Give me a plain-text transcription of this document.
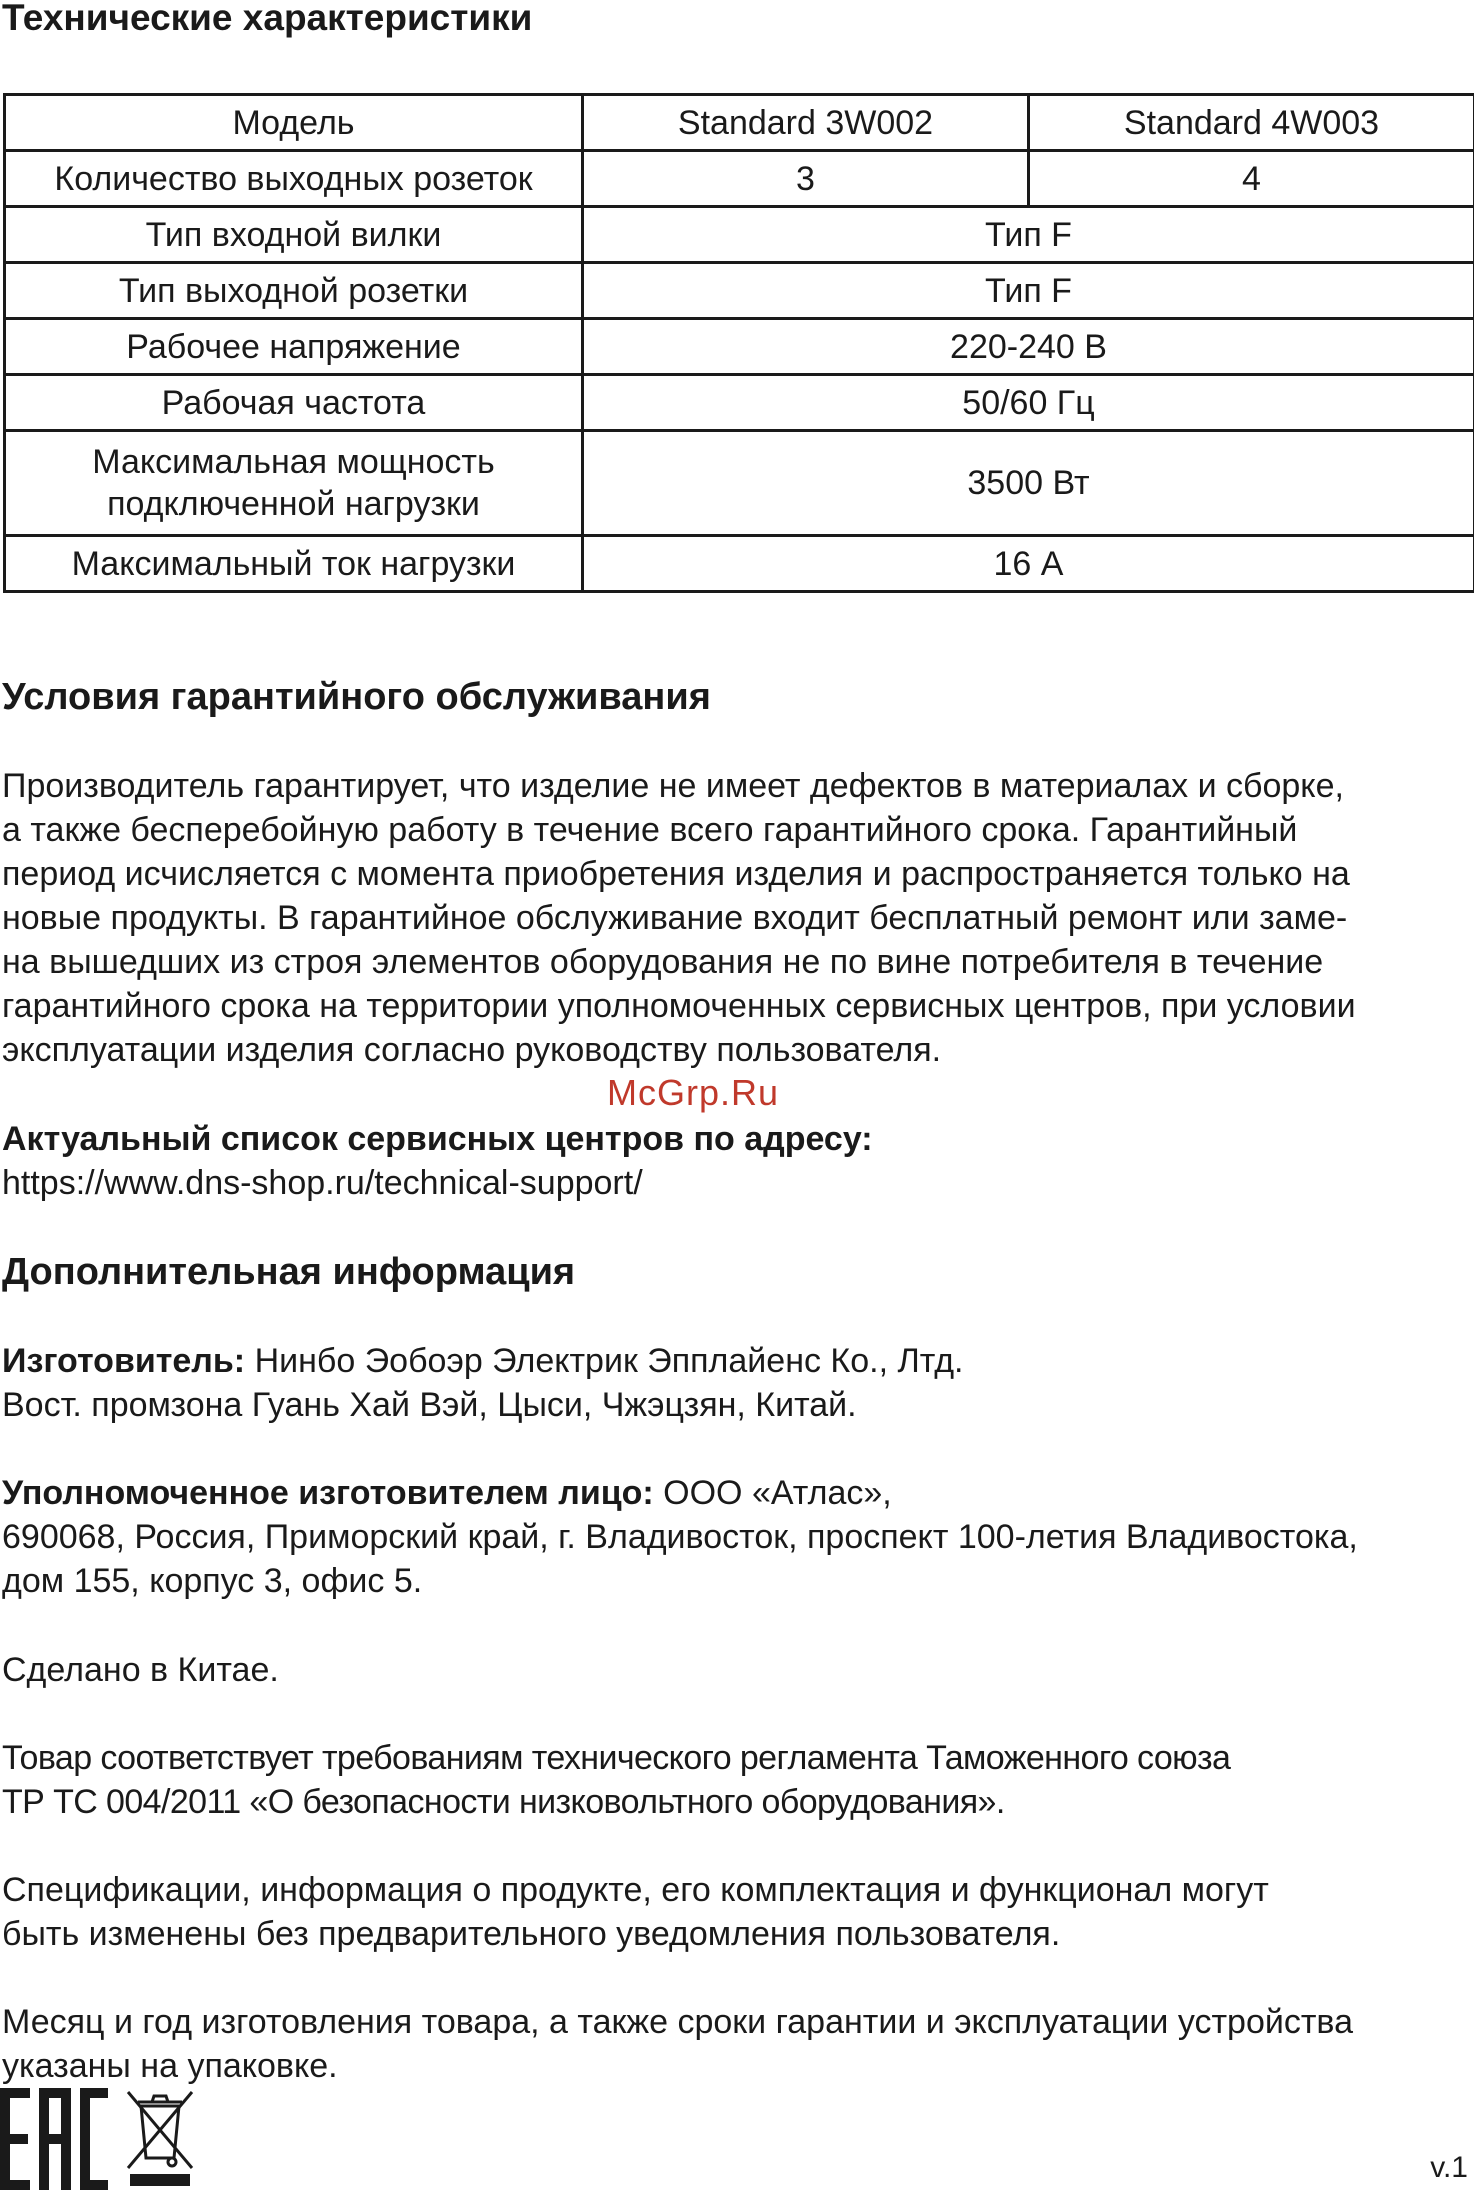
Технические характеристики
Модель	Standard 3W002	Standard 4W003
Количество выходных розеток	3	4
Тип входной вилки	Тип F	
Тип выходной розетки	Тип F	
Рабочее напряжение	220-240 В	
Рабочая частота	50/60 Гц	

Максимальная мощность
подключенной нагрузки	3500 Вт	
Максимальный ток нагрузки	16 А	
Условия гарантийного обслуживания
Производитель гарантирует, что изделие не имеет дефектов в материалах и сборке,
а также бесперебойную работу в течение всего гарантийного срока. Гарантийный
период исчисляется с момента приобретения изделия и распространяется только на
новые продукты. В гарантийное обслуживание входит бесплатный ремонт или заме-
на вышедших из строя элементов оборудования не по вине потребителя в течение
гарантийного срока на территории уполномоченных сервисных центров, при условии
эксплуатации изделия согласно руководству пользователя.
McGrp.Ru
Актуальный список сервисных центров по адресу:
https://www.dns-shop.ru/technical-support/
Дополнительная информация
Изготовитель: Нинбо Эобоэр Электрик Эпплайенс Ко., Лтд.
Вост. промзона Гуань Хай Вэй, Цыси, Чжэцзян, Китай.
Уполномоченное изготовителем лицо: ООО «Атлас»,
690068, Россия, Приморский край, г. Владивосток, проспект 100-летия Владивостока,
дом 155, корпус 3, офис 5.
Сделано в Китае.
Товар соответствует требованиям технического регламента Таможенного союза
ТР ТС 004/2011 «О безопасности низковольтного оборудования».
Спецификации, информация о продукте, его комплектация и функционал могут
быть изменены без предварительного уведомления пользователя.
Месяц и год изготовления товара, а также сроки гарантии и эксплуатации устройства
указаны на упаковке.
v.1
